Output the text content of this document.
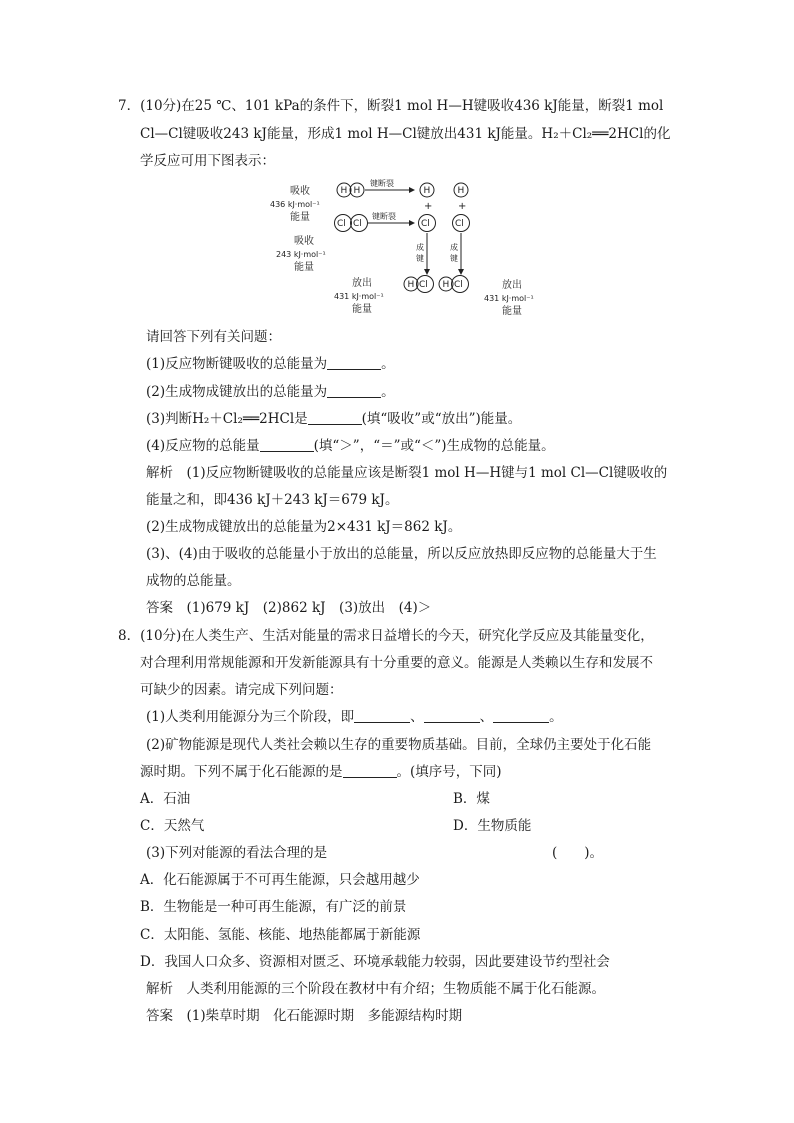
7．(10分)在25 ℃、101 kPa的条件下，断裂1 mol H—H键吸收436 kJ能量，断裂1 mol
Cl—Cl键吸收243 kJ能量，形成1 mol H—Cl键放出431 kJ能量。H₂＋Cl₂══2HCl的化
学反应可用下图表示：
吸收
436 kJ·mol⁻¹
能量
H H
键断裂
H	H
+	+
Cl Cl
键断裂
Cl	Cl
吸收
243 kJ·mol⁻¹
能量
成
键
成
键
H Cl H Cl
放出
431 kJ·mol⁻¹
能量
放出
431 kJ·mol⁻¹
能量
请回答下列有关问题：
(1)反应物断键吸收的总能量为	。
(2)生成物成键放出的总能量为	。
(3)判断H₂＋Cl₂══2HCl是	(填“吸收”或“放出”)能量。
(4)反应物的总能量	(填“＞”，“＝”或“＜”)生成物的总能量。
解析　(1)反应物断键吸收的总能量应该是断裂1 mol H—H键与1 mol Cl—Cl键吸收的
能量之和，即436 kJ＋243 kJ＝679 kJ。
(2)生成物成键放出的总能量为2×431 kJ＝862 kJ。
(3)、(4)由于吸收的总能量小于放出的总能量，所以反应放热即反应物的总能量大于生
成物的总能量。
答案　(1)679 kJ　(2)862 kJ　(3)放出　(4)＞
8．(10分)在人类生产、生活对能量的需求日益增长的今天，研究化学反应及其能量变化，
对合理利用常规能源和开发新能源具有十分重要的意义。能源是人类赖以生存和发展不
可缺少的因素。请完成下列问题：
(1)人类利用能源分为三个阶段，即	、	、	。
(2)矿物能源是现代人类社会赖以生存的重要物质基础。目前，全球仍主要处于化石能
源时期。下列不属于化石能源的是	。(填序号，下同)
A．石油	B．煤
C．天然气	D．生物质能
(3)下列对能源的看法合理的是	(　　)。
A．化石能源属于不可再生能源，只会越用越少
B．生物能是一种可再生能源，有广泛的前景
C．太阳能、氢能、核能、地热能都属于新能源
D．我国人口众多、资源相对匮乏、环境承载能力较弱，因此要建设节约型社会
解析　人类利用能源的三个阶段在教材中有介绍；生物质能不属于化石能源。
答案　(1)柴草时期　化石能源时期　多能源结构时期
